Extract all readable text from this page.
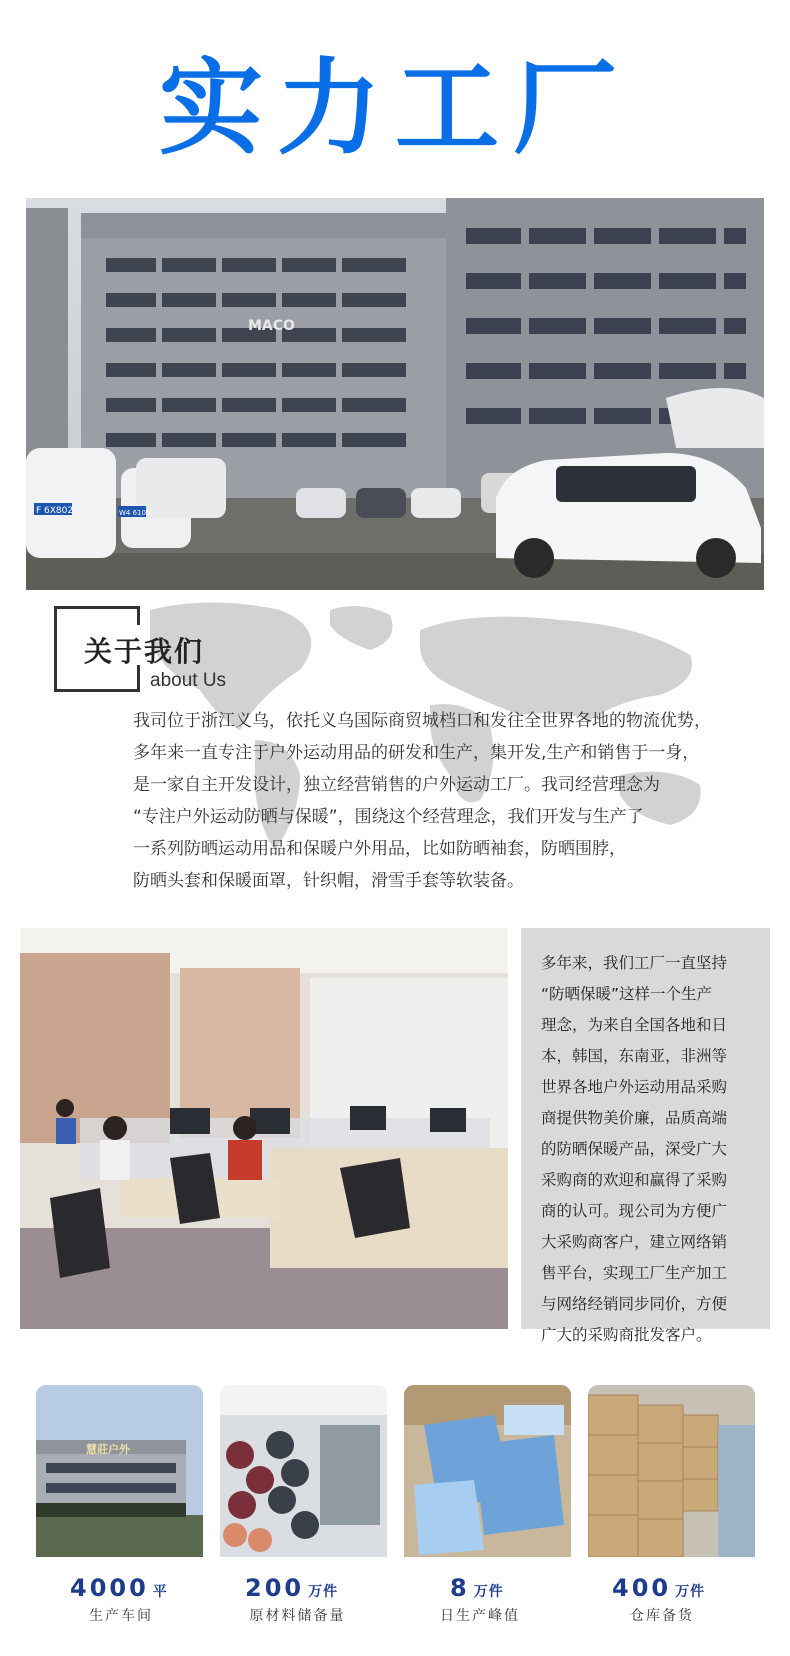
实力工厂
MACO
F 6X802	W4 6100
关于我们
about Us

我司位于浙江义乌，依托义乌国际商贸城档口和发往全世界各地的物流优势，

多年来一直专注于户外运动用品的研发和生产，集开发,生产和销售于一身，

是一家自主开发设计，独立经营销售的户外运动工厂。我司经营理念为

“专注户外运动防晒与保暖”，围绕这个经营理念，我们开发与生产了

一系列防晒运动用品和保暖户外用品，比如防晒袖套，防晒围脖，

防晒头套和保暖面罩，针织帽，滑雪手套等软装备。

多年来，我们工厂一直坚持

“防晒保暖”这样一个生产

理念，为来自全国各地和日

本，韩国，东南亚，非洲等

世界各地户外运动用品采购

商提供物美价廉，品质高端

的防晒保暖产品，深受广大

采购商的欢迎和赢得了采购

商的认可。现公司为方便广

大采购商客户，建立网络销

售平台，实现工厂生产加工

与网络经销同步同价，方便

广大的采购商批发客户。

慧莊户外
4000 平
生产车间
200 万件
原材料储备量
8 万件
日生产峰值
400 万件
仓库备货
